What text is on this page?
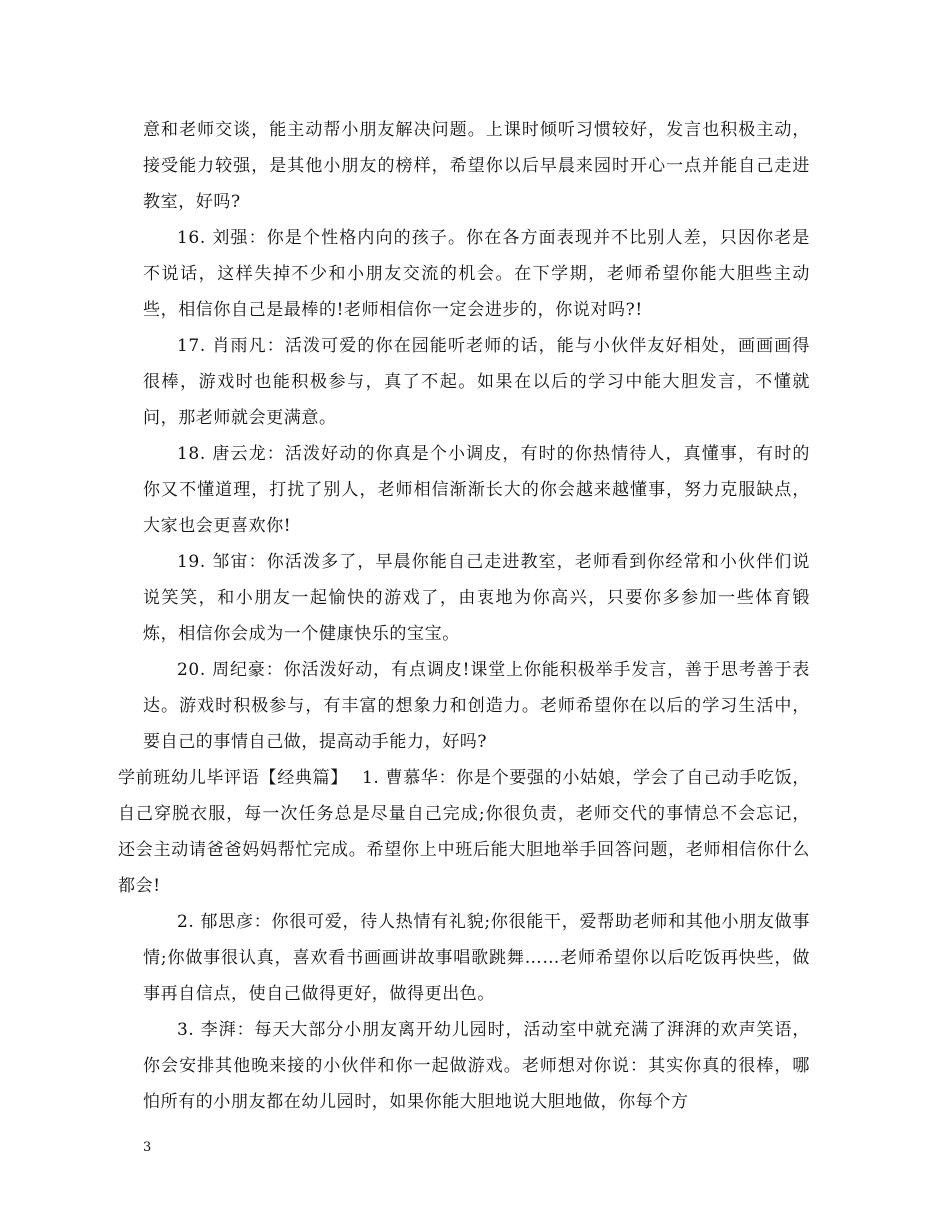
意和老师交谈，能主动帮小朋友解决问题。上课时倾听习惯较好，发言也积极主动，接受能力较强，是其他小朋友的榜样，希望你以后早晨来园时开心一点并能自己走进教室，好吗?

16. 刘强：你是个性格内向的孩子。你在各方面表现并不比别人差，只因你老是不说话，这样失掉不少和小朋友交流的机会。在下学期，老师希望你能大胆些主动些，相信你自己是最棒的!老师相信你一定会进步的，你说对吗?!

17. 肖雨凡：活泼可爱的你在园能听老师的话，能与小伙伴友好相处，画画画得很棒，游戏时也能积极参与，真了不起。如果在以后的学习中能大胆发言，不懂就问，那老师就会更满意。

18. 唐云龙：活泼好动的你真是个小调皮，有时的你热情待人，真懂事，有时的你又不懂道理，打扰了别人，老师相信渐渐长大的你会越来越懂事，努力克服缺点，大家也会更喜欢你!

19. 邹宙：你活泼多了，早晨你能自己走进教室，老师看到你经常和小伙伴们说说笑笑，和小朋友一起愉快的游戏了，由衷地为你高兴，只要你多参加一些体育锻炼，相信你会成为一个健康快乐的宝宝。

20. 周纪豪：你活泼好动，有点调皮!课堂上你能积极举手发言，善于思考善于表达。游戏时积极参与，有丰富的想象力和创造力。老师希望你在以后的学习生活中，要自己的事情自己做，提高动手能力，好吗?

学前班幼儿毕评语【经典篇】 1. 曹慕华：你是个要强的小姑娘，学会了自己动手吃饭，自己穿脱衣服，每一次任务总是尽量自己完成;你很负责，老师交代的事情总不会忘记，还会主动请爸爸妈妈帮忙完成。希望你上中班后能大胆地举手回答问题，老师相信你什么都会!

2. 郁思彦：你很可爱，待人热情有礼貌;你很能干，爱帮助老师和其他小朋友做事情;你做事很认真，喜欢看书画画讲故事唱歌跳舞……老师希望你以后吃饭再快些，做事再自信点，使自己做得更好，做得更出色。

3. 李湃：每天大部分小朋友离开幼儿园时，活动室中就充满了湃湃的欢声笑语，你会安排其他晚来接的小伙伴和你一起做游戏。老师想对你说：其实你真的很棒，哪怕所有的小朋友都在幼儿园时，如果你能大胆地说大胆地做，你每个方

3
